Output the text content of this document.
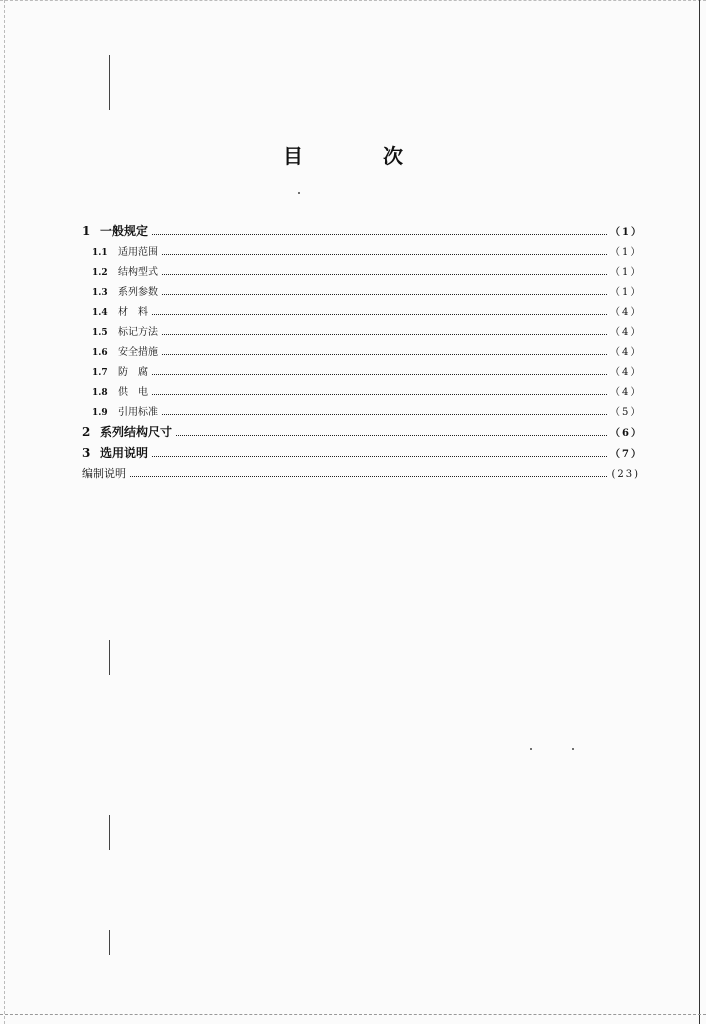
目　次
1 一般规定	（1）
1.1	适用范围	（1）
1.2	结构型式	（1）
1.3	系列参数	（1）
1.4	材　料	（4）
1.5	标记方法	（4）
1.6	安全措施	（4）
1.7	防　腐	（4）
1.8	供　电	（4）
1.9	引用标准	（5）
2 系列结构尺寸	（6）
3 选用说明	（7）
编制说明	(23)
